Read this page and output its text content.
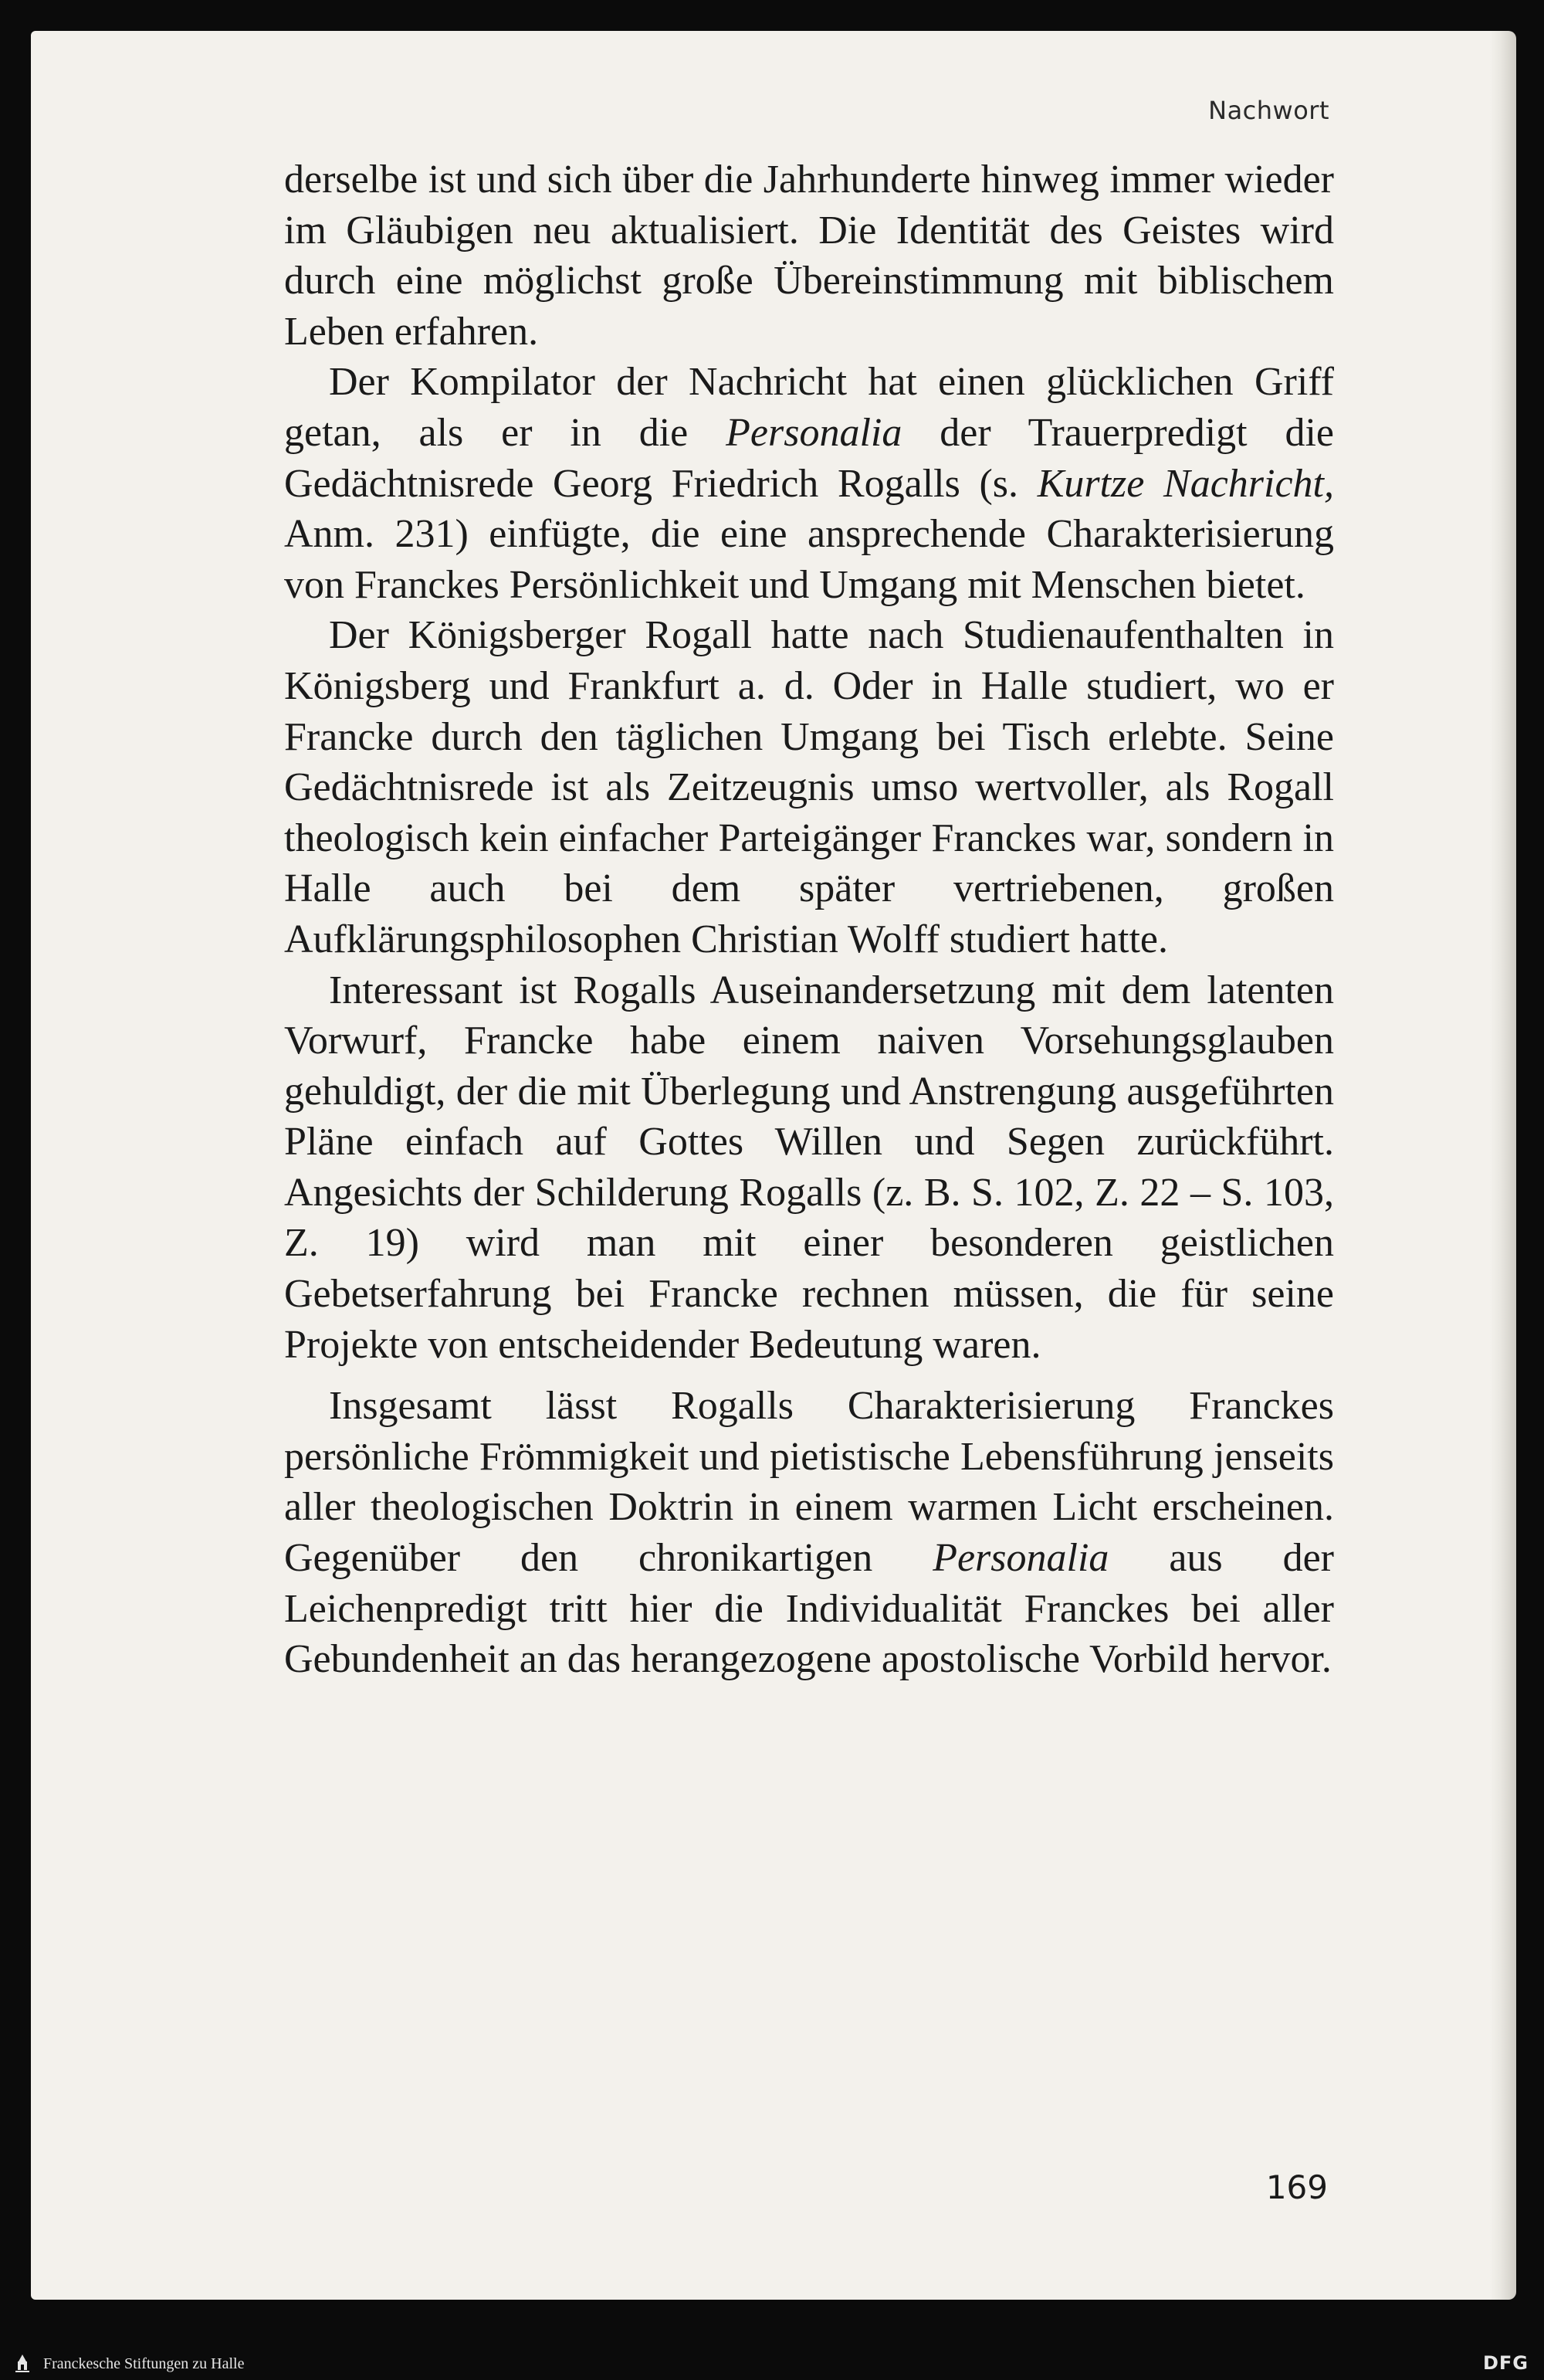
Nachwort

derselbe ist und sich über die Jahrhunderte hinweg immer wieder im Gläubigen neu aktualisiert. Die Identität des Geistes wird durch eine möglichst große Übereinstimmung mit biblischem Leben erfahren.

Der Kompilator der Nachricht hat einen glücklichen Griff getan, als er in die Personalia der Trauerpredigt die Gedächtnisrede Georg Friedrich Rogalls (s. Kurtze Nachricht, Anm. 231) einfügte, die eine ansprechende Charakterisierung von Franckes Persönlichkeit und Umgang mit Menschen bietet.

Der Königsberger Rogall hatte nach Studienaufenthalten in Königsberg und Frankfurt a. d. Oder in Halle studiert, wo er Francke durch den täglichen Umgang bei Tisch erlebte. Seine Gedächtnisrede ist als Zeitzeugnis umso wertvoller, als Rogall theologisch kein einfacher Parteigänger Franckes war, sondern in Halle auch bei dem später vertriebenen, großen Aufklärungsphilosophen Christian Wolff studiert hatte.

Interessant ist Rogalls Auseinandersetzung mit dem latenten Vorwurf, Francke habe einem naiven Vorsehungsglauben gehuldigt, der die mit Überlegung und Anstrengung ausgeführten Pläne einfach auf Gottes Willen und Segen zurückführt. Angesichts der Schilderung Rogalls (z. B. S. 102, Z. 22 – S. 103, Z. 19) wird man mit einer besonderen geistlichen Gebetserfahrung bei Francke rechnen müssen, die für seine Projekte von entscheidender Bedeutung waren.

Insgesamt lässt Rogalls Charakterisierung Franckes persönliche Frömmigkeit und pietistische Lebensführung jenseits aller theologischen Doktrin in einem warmen Licht erscheinen. Gegenüber den chronikartigen Personalia aus der Leichenpredigt tritt hier die Individualität Franckes bei aller Gebundenheit an das herangezogene apostolische Vorbild hervor.

169
Franckesche Stiftungen zu Halle	DFG
